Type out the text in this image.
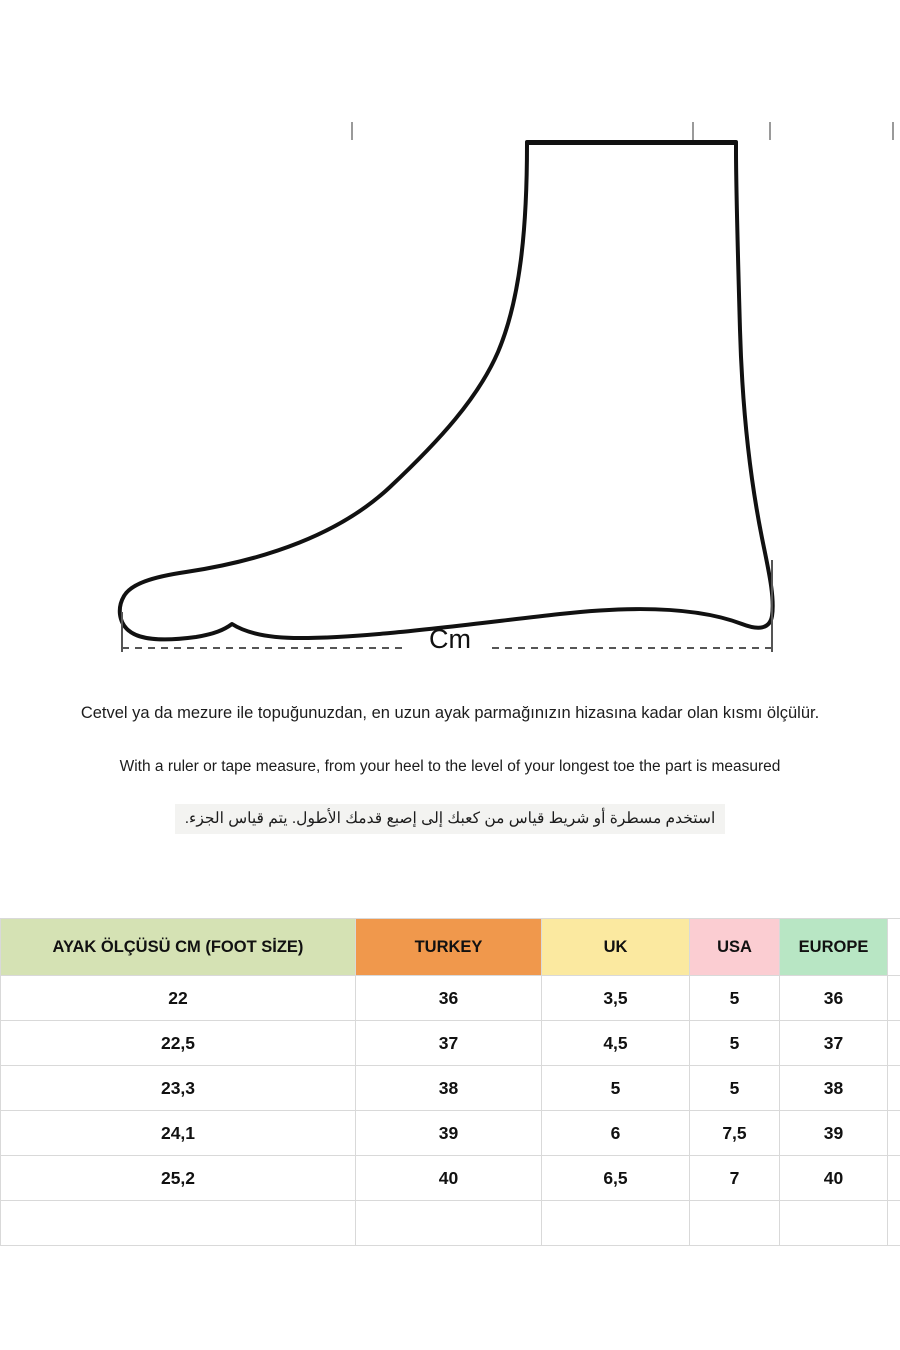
Cm

Cetvel ya da mezure ile topuğunuzdan, en uzun ayak parmağınızın hizasına kadar olan kısmı ölçülür.

With a ruler or tape measure, from your heel to the level of your longest toe the part is measured

استخدم مسطرة أو شريط قياس من كعبك إلى إصبع قدمك الأطول. يتم قياس الجزء.
AYAK ÖLÇÜSÜ CM (FOOT SİZE)	TURKEY	UK	USA	EUROPE	
22	36	3,5	5	36	
22,5	37	4,5	5	37	
23,3	38	5	5	38	
24,1	39	6	7,5	39	
25,2	40	6,5	7	40	
